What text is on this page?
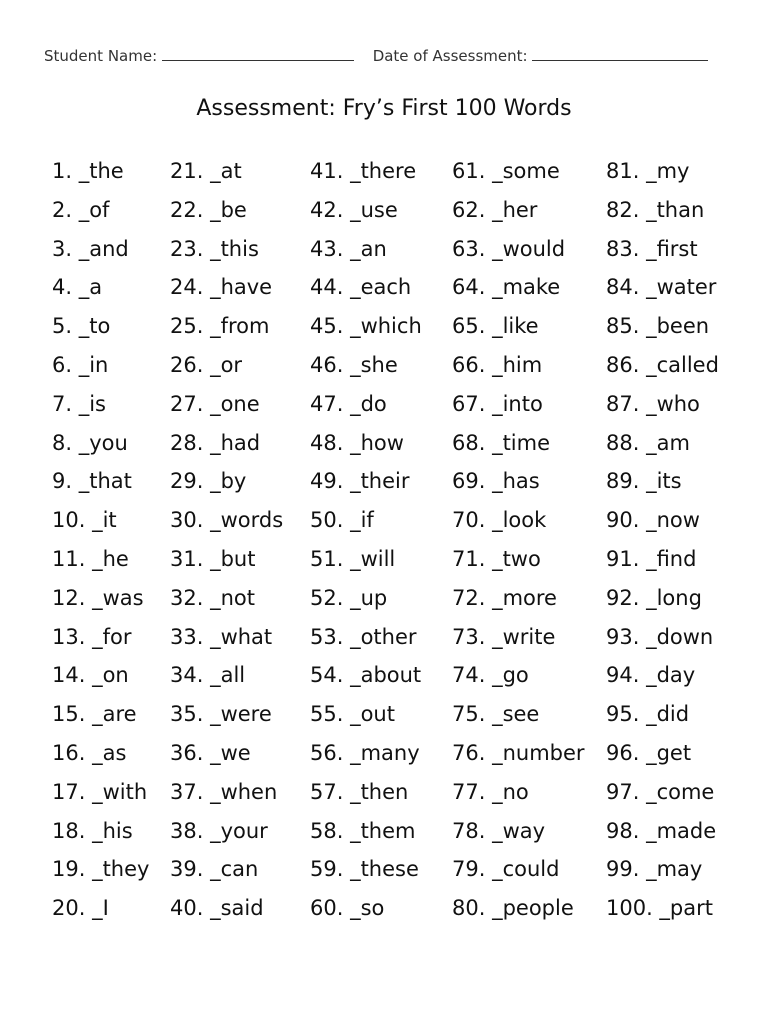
Student Name:	Date of Assessment:
Assessment: Fry’s First 100 Words
1. _the
2. _of
3. _and
4. _a
5. _to
6. _in
7. _is
8. _you
9. _that
10. _it
11. _he
12. _was
13. _for
14. _on
15. _are
16. _as
17. _with
18. _his
19. _they
20. _I
21. _at
22. _be
23. _this
24. _have
25. _from
26. _or
27. _one
28. _had
29. _by
30. _words
31. _but
32. _not
33. _what
34. _all
35. _were
36. _we
37. _when
38. _your
39. _can
40. _said
41. _there
42. _use
43. _an
44. _each
45. _which
46. _she
47. _do
48. _how
49. _their
50. _if
51. _will
52. _up
53. _other
54. _about
55. _out
56. _many
57. _then
58. _them
59. _these
60. _so
61. _some
62. _her
63. _would
64. _make
65. _like
66. _him
67. _into
68. _time
69. _has
70. _look
71. _two
72. _more
73. _write
74. _go
75. _see
76. _number
77. _no
78. _way
79. _could
80. _people
81. _my
82. _than
83. _first
84. _water
85. _been
86. _called
87. _who
88. _am
89. _its
90. _now
91. _find
92. _long
93. _down
94. _day
95. _did
96. _get
97. _come
98. _made
99. _may
100. _part
